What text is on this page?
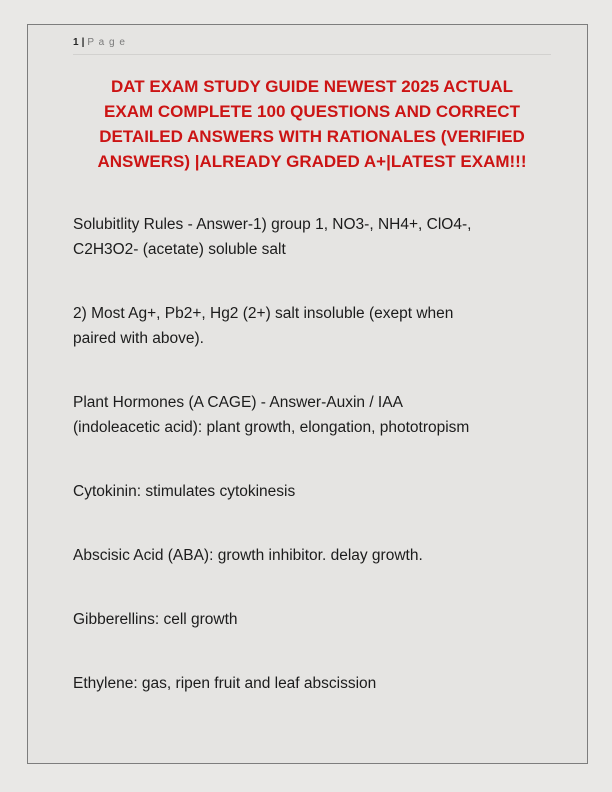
1 | P a g e
DAT EXAM STUDY GUIDE NEWEST 2025 ACTUAL
EXAM COMPLETE 100 QUESTIONS AND CORRECT
DETAILED ANSWERS WITH RATIONALES (VERIFIED
ANSWERS) |ALREADY GRADED A+|LATEST EXAM!!!

Solubitlity Rules - Answer-1) group 1, NO3-, NH4+, ClO4-,
C2H3O2- (acetate) soluble salt

2) Most Ag+, Pb2+, Hg2 (2+) salt insoluble (exept when
paired with above).

Plant Hormones (A CAGE) - Answer-Auxin / IAA
(indoleacetic acid): plant growth, elongation, phototropism

Cytokinin: stimulates cytokinesis

Abscisic Acid (ABA): growth inhibitor. delay growth.

Gibberellins: cell growth

Ethylene: gas, ripen fruit and leaf abscission
